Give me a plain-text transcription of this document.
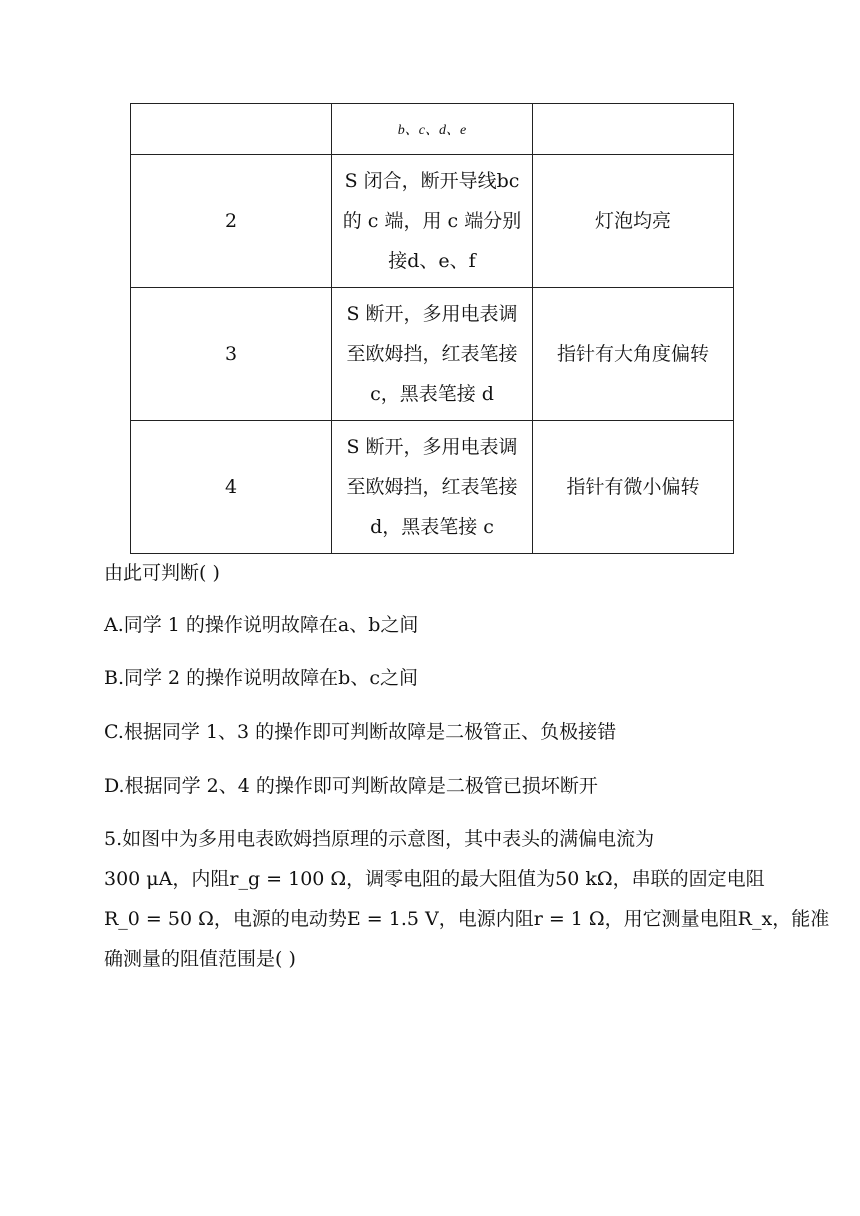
	b、c、d、e	
2	S 闭合，断开导线bc
的 c 端，用 c 端分别
接d、e、f	灯泡均亮
3	S 断开，多用电表调
至欧姆挡，红表笔接
c，黑表笔接 d	指针有大角度偏转
4	S 断开，多用电表调
至欧姆挡，红表笔接
d，黑表笔接 c	指针有微小偏转
由此可判断( )
A.同学 1 的操作说明故障在a、b之间
B.同学 2 的操作说明故障在b、c之间
C.根据同学 1、3 的操作即可判断故障是二极管正、负极接错
D.根据同学 2、4 的操作即可判断故障是二极管已损坏断开
5.如图中为多用电表欧姆挡原理的示意图，其中表头的满偏电流为
300 μA，内阻r_g = 100 Ω，调零电阻的最大阻值为50 kΩ，串联的固定电阻
R_0 = 50 Ω，电源的电动势E = 1.5 V，电源内阻r = 1 Ω，用它测量电阻R_x，能准
确测量的阻值范围是( )
